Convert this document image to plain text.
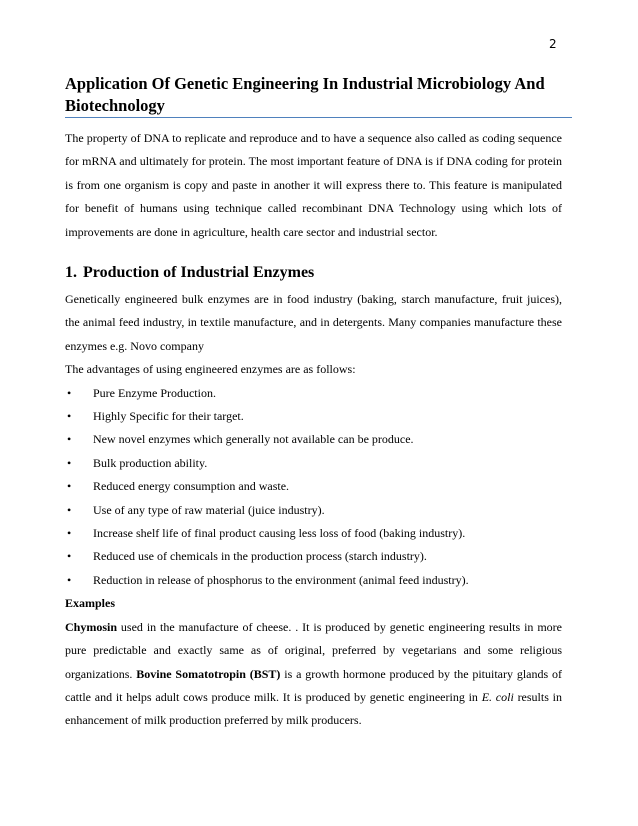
2
Application Of Genetic Engineering In Industrial Microbiology And Biotechnology

The property of DNA to replicate and reproduce and to have a sequence also called as coding sequence for mRNA and ultimately for protein. The most important feature of DNA is if DNA coding for protein is from one organism is copy and paste in another it will express there to. This feature is manipulated for benefit of humans using technique called recombinant DNA Technology using which lots of improvements are done in agriculture, health care sector and industrial sector.

1. Production of Industrial Enzymes

Genetically engineered bulk enzymes are in food industry (baking, starch manufacture, fruit juices), the animal feed industry, in textile manufacture, and in detergents. Many companies manufacture these enzymes e.g. Novo company

The advantages of using engineered enzymes are as follows:

• Pure Enzyme Production.
• Highly Specific for their target.
• New novel enzymes which generally not available can be produce.
• Bulk production ability.
• Reduced energy consumption and waste.
• Use of any type of raw material (juice industry).
• Increase shelf life of final product causing less loss of food (baking industry).
• Reduced use of chemicals in the production process (starch industry).
• Reduction in release of phosphorus to the environment (animal feed industry).

Examples

Chymosin used in the manufacture of cheese. . It is produced by genetic engineering results in more pure predictable and exactly same as of original, preferred by vegetarians and some religious organizations. Bovine Somatotropin (BST) is a growth hormone produced by the pituitary glands of cattle and it helps adult cows produce milk. It is produced by genetic engineering in E. coli results in enhancement of milk production preferred by milk producers.
